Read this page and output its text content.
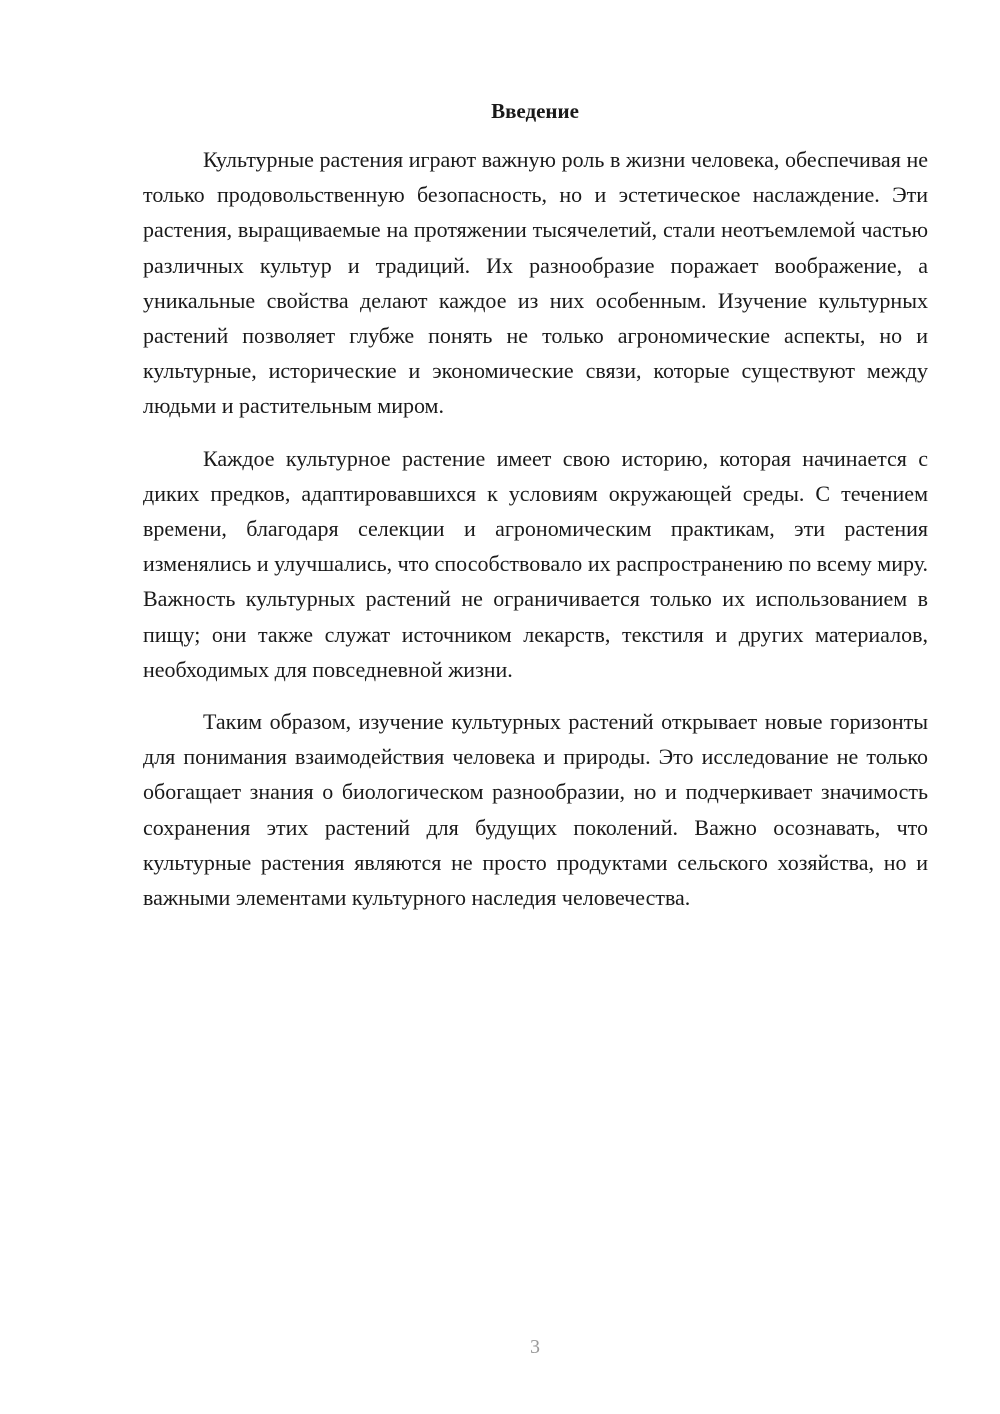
Введение

Культурные растения играют важную роль в жизни человека, обеспечивая не только продовольственную безопасность, но и эстетическое наслаждение. Эти растения, выращиваемые на протяжении тысячелетий, стали неотъемлемой частью различных культур и традиций. Их разнообразие поражает воображение, а уникальные свойства делают каждое из них особенным. Изучение культурных растений позволяет глубже понять не только агрономические аспекты, но и культурные, исторические и экономические связи, которые существуют между людьми и растительным миром.

Каждое культурное растение имеет свою историю, которая начинается с диких предков, адаптировавшихся к условиям окружающей среды. С течением времени, благодаря селекции и агрономическим практикам, эти растения изменялись и улучшались, что способствовало их распространению по всему миру. Важность культурных растений не ограничивается только их использованием в пищу; они также служат источником лекарств, текстиля и других материалов, необходимых для повседневной жизни.

Таким образом, изучение культурных растений открывает новые горизонты для понимания взаимодействия человека и природы. Это исследование не только обогащает знания о биологическом разнообразии, но и подчеркивает значимость сохранения этих растений для будущих поколений. Важно осознавать, что культурные растения являются не просто продуктами сельского хозяйства, но и важными элементами культурного наследия человечества.

3
